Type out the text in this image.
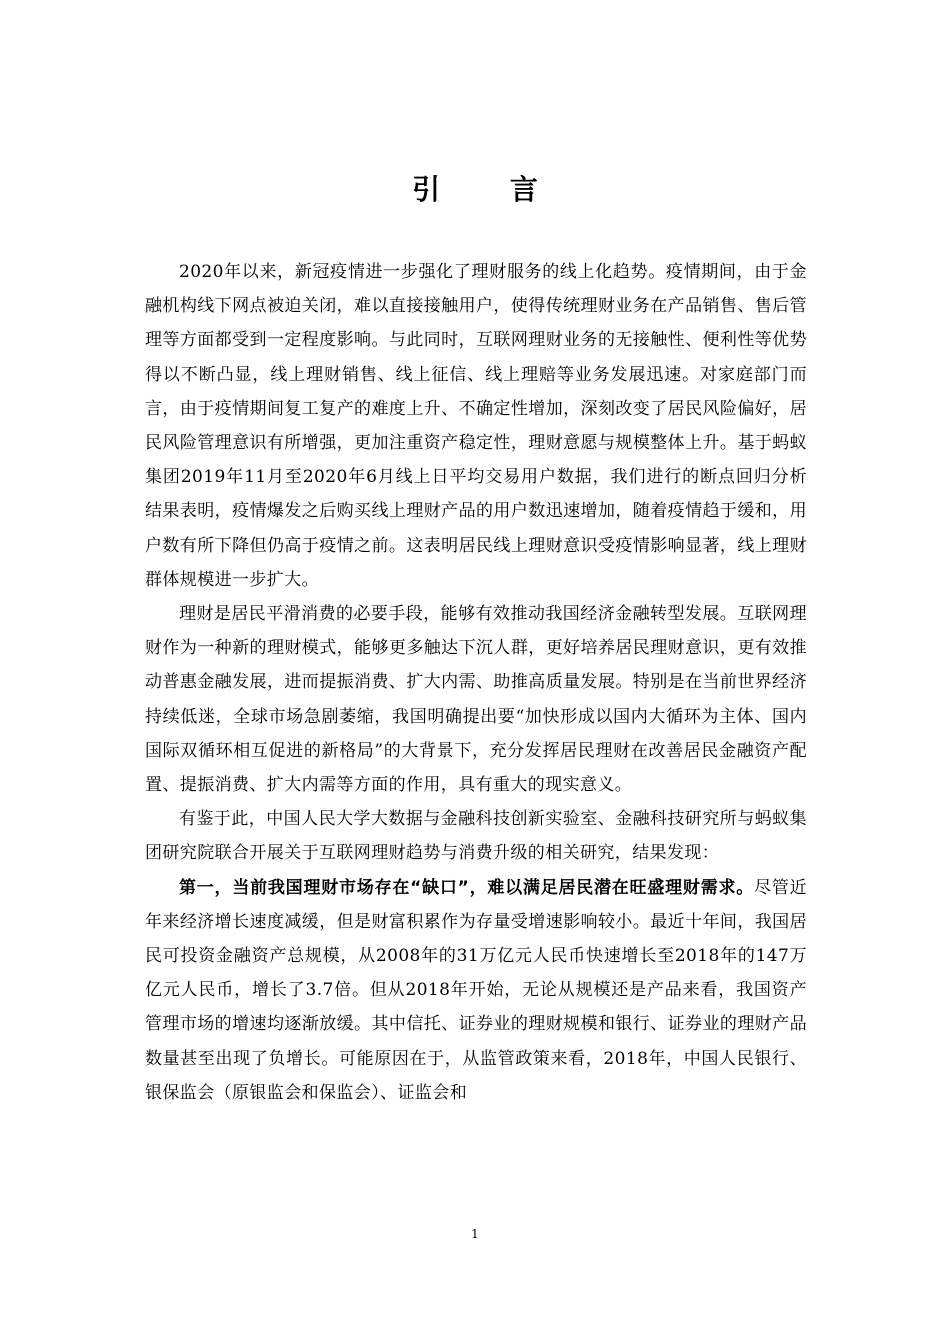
引 言

2020年以来，新冠疫情进一步强化了理财服务的线上化趋势。疫情期间，由于金融机构线下网点被迫关闭，难以直接接触用户，使得传统理财业务在产品销售、售后管理等方面都受到一定程度影响。与此同时，互联网理财业务的无接触性、便利性等优势得以不断凸显，线上理财销售、线上征信、线上理赔等业务发展迅速。对家庭部门而言，由于疫情期间复工复产的难度上升、不确定性增加，深刻改变了居民风险偏好，居民风险管理意识有所增强，更加注重资产稳定性，理财意愿与规模整体上升。基于蚂蚁集团2019年11月至2020年6月线上日平均交易用户数据，我们进行的断点回归分析结果表明，疫情爆发之后购买线上理财产品的用户数迅速增加，随着疫情趋于缓和，用户数有所下降但仍高于疫情之前。这表明居民线上理财意识受疫情影响显著，线上理财群体规模进一步扩大。

理财是居民平滑消费的必要手段，能够有效推动我国经济金融转型发展。互联网理财作为一种新的理财模式，能够更多触达下沉人群，更好培养居民理财意识，更有效推动普惠金融发展，进而提振消费、扩大内需、助推高质量发展。特别是在当前世界经济持续低迷，全球市场急剧萎缩，我国明确提出要“加快形成以国内大循环为主体、国内国际双循环相互促进的新格局”的大背景下，充分发挥居民理财在改善居民金融资产配置、提振消费、扩大内需等方面的作用，具有重大的现实意义。

有鉴于此，中国人民大学大数据与金融科技创新实验室、金融科技研究所与蚂蚁集团研究院联合开展关于互联网理财趋势与消费升级的相关研究，结果发现：

第一，当前我国理财市场存在“缺口”，难以满足居民潜在旺盛理财需求。尽管近年来经济增长速度减缓，但是财富积累作为存量受增速影响较小。最近十年间，我国居民可投资金融资产总规模，从2008年的31万亿元人民币快速增长至2018年的147万亿元人民币，增长了3.7倍。但从2018年开始，无论从规模还是产品来看，我国资产管理市场的增速均逐渐放缓。其中信托、证券业的理财规模和银行、证券业的理财产品数量甚至出现了负增长。可能原因在于，从监管政策来看，2018年，中国人民银行、银保监会（原银监会和保监会）、证监会和

1
